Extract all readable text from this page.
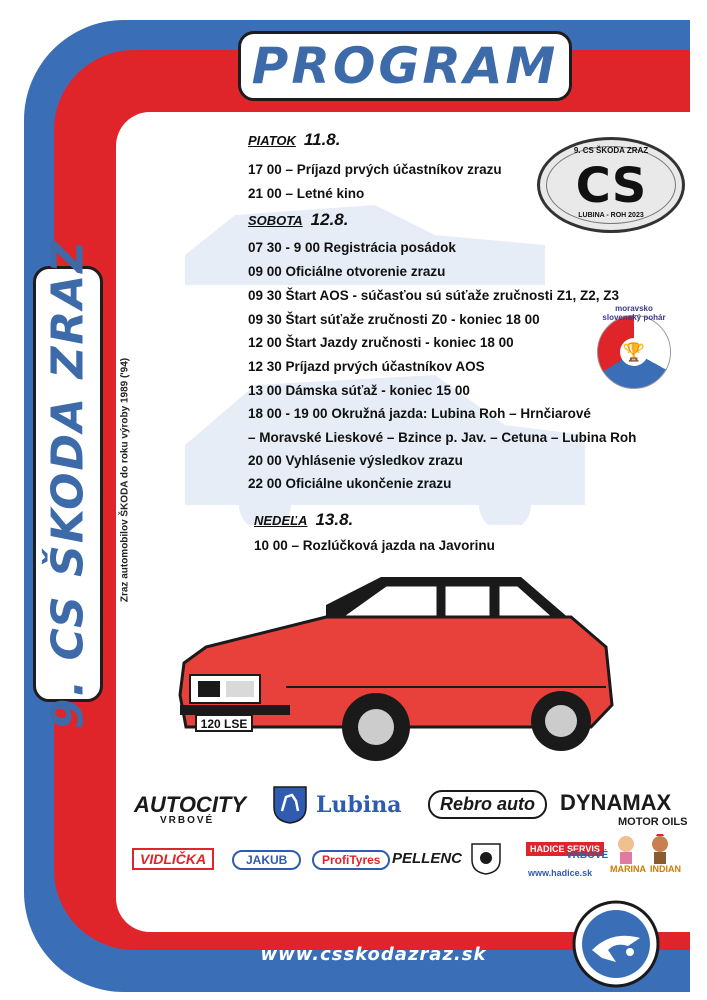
PROGRAM
9. CS ŠKODA ZRAZ	Zraz automobilov ŠKODA do roku výroby 1989 ('94)
PIATOK 11.8.
17 00 – Príjazd prvých účastníkov zrazu
21 00 – Letné kino
SOBOTA 12.8.
07 30 - 9 00 Registrácia posádok
09 00 Oficiálne otvorenie zrazu
09 30 Štart AOS - súčasťou sú súťaže zručnosti Z1, Z2, Z3
09 30 Štart súťaže zručnosti Z0 - koniec 18 00
12 00 Štart Jazdy zručnosti - koniec 18 00
12 30 Príjazd prvých účastníkov AOS
13 00 Dámska súťaž - koniec 15 00
18 00 - 19 00 Okružná jazda: Lubina Roh – Hrnčiarové
– Moravské Lieskové – Bzince p. Jav. – Cetuna – Lubina Roh
20 00 Vyhlásenie výsledkov zrazu
22 00 Oficiálne ukončenie zrazu
NEDEĽA 13.8.
10 00 – Rozlúčková jazda na Javorinu
9. CS ŠKODA ZRAZ
CS
LUBINA - ROH 2023
moravsko slovenský pohár
🏆
120 LSE
AUTOCITY
VRBOVÉ
Lubina	Rebro auto	DYNAMAX
MOTOR OILS
VIDLIČKA	JAKUB	ProfiTyres PELLENC
HADICE SERVIS
VRBOVÉ
www.hadice.sk MARINA INDIAN
www.csskodazraz.sk
